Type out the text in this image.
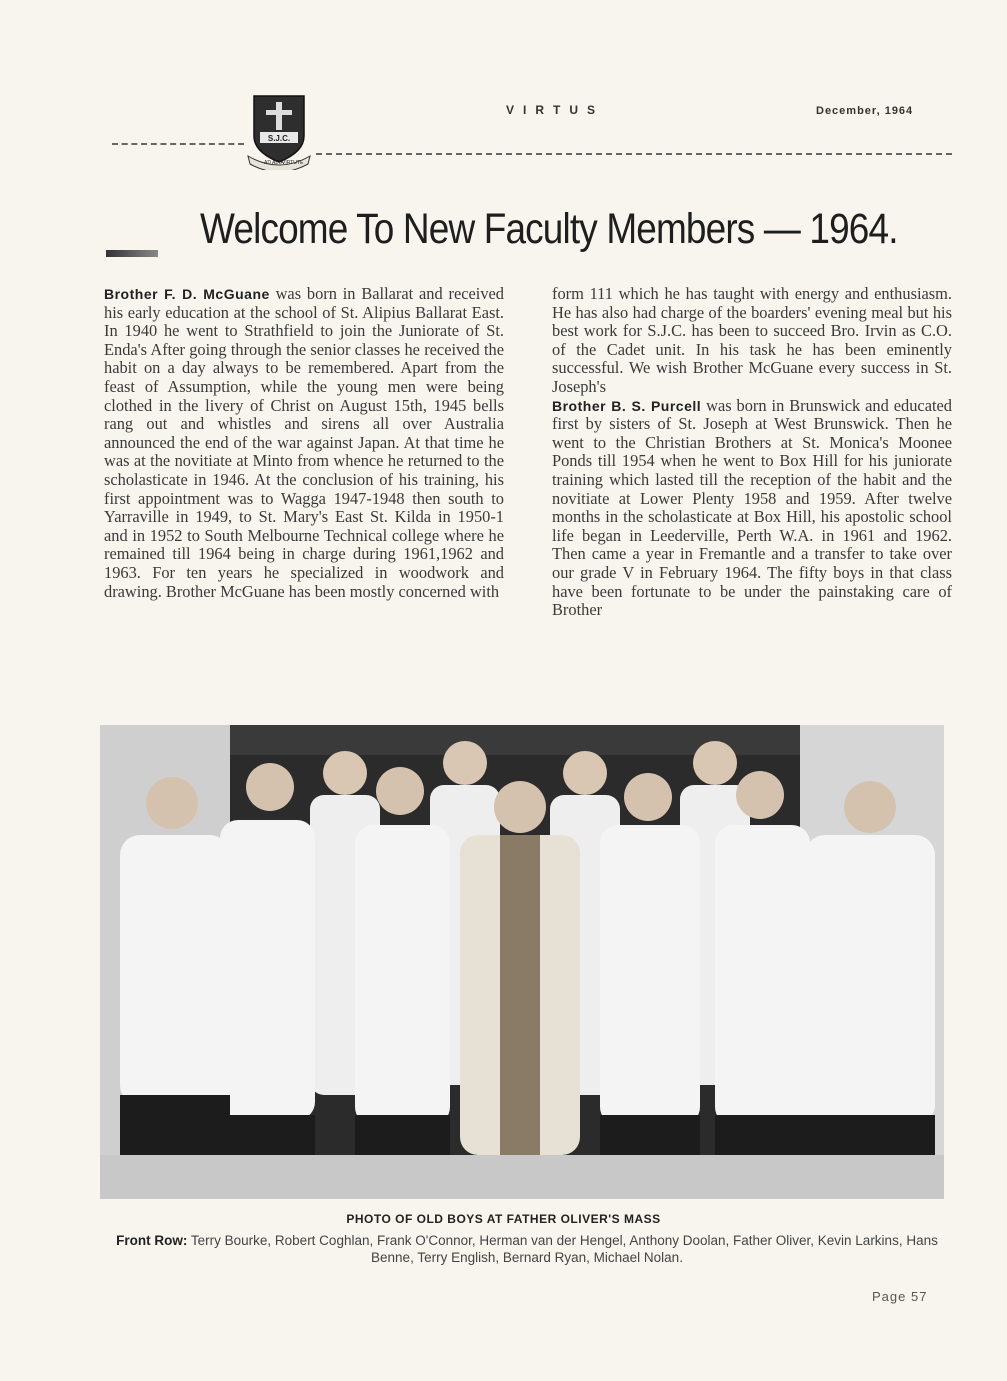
S.J.C.
AD ALTA
VIRTUTE
VIRTUS	December, 1964
Welcome To New Faculty Members — 1964.

Brother F. D. McGuane was born in Ballarat and received his early education at the school of St. Alipius Ballarat East. In 1940 he went to Strathfield to join the Juniorate of St. Enda's After going through the senior classes he received the habit on a day always to be remembered. Apart from the feast of Assumption, while the young men were being clothed in the livery of Christ on August 15th, 1945 bells rang out and whistles and sirens all over Australia announced the end of the war against Japan. At that time he was at the novitiate at Minto from whence he returned to the scholasticate in 1946. At the conclusion of his training, his first appointment was to Wagga 1947-1948 then south to Yarraville in 1949, to St. Mary's East St. Kilda in 1950-1 and in 1952 to South Melbourne Technical college where he remained till 1964 being in charge during 1961,1962 and 1963. For ten years he specialized in woodwork and drawing. Brother McGuane has been mostly concerned with

form 111 which he has taught with energy and enthusiasm. He has also had charge of the boarders' evening meal but his best work for S.J.C. has been to succeed Bro. Irvin as C.O. of the Cadet unit. In his task he has been eminently successful. We wish Brother McGuane every success in St. Joseph's

Brother B. S. Purcell was born in Brunswick and educated first by sisters of St. Joseph at West Brunswick. Then he went to the Christian Brothers at St. Monica's Moonee Ponds till 1954 when he went to Box Hill for his juniorate training which lasted till the reception of the habit and the novitiate at Lower Plenty 1958 and 1959. After twelve months in the scholasticate at Box Hill, his apostolic school life began in Leederville, Perth W.A. in 1961 and 1962. Then came a year in Fremantle and a transfer to take over our grade V in February 1964. The fifty boys in that class have been fortunate to be under the painstaking care of Brother

PHOTO OF OLD BOYS AT FATHER OLIVER'S MASS
Front Row: Terry Bourke, Robert Coghlan, Frank O'Connor, Herman van der Hengel, Anthony Doolan, Father Oliver, Kevin Larkins, Hans Benne, Terry English, Bernard Ryan, Michael Nolan.
Page 57
